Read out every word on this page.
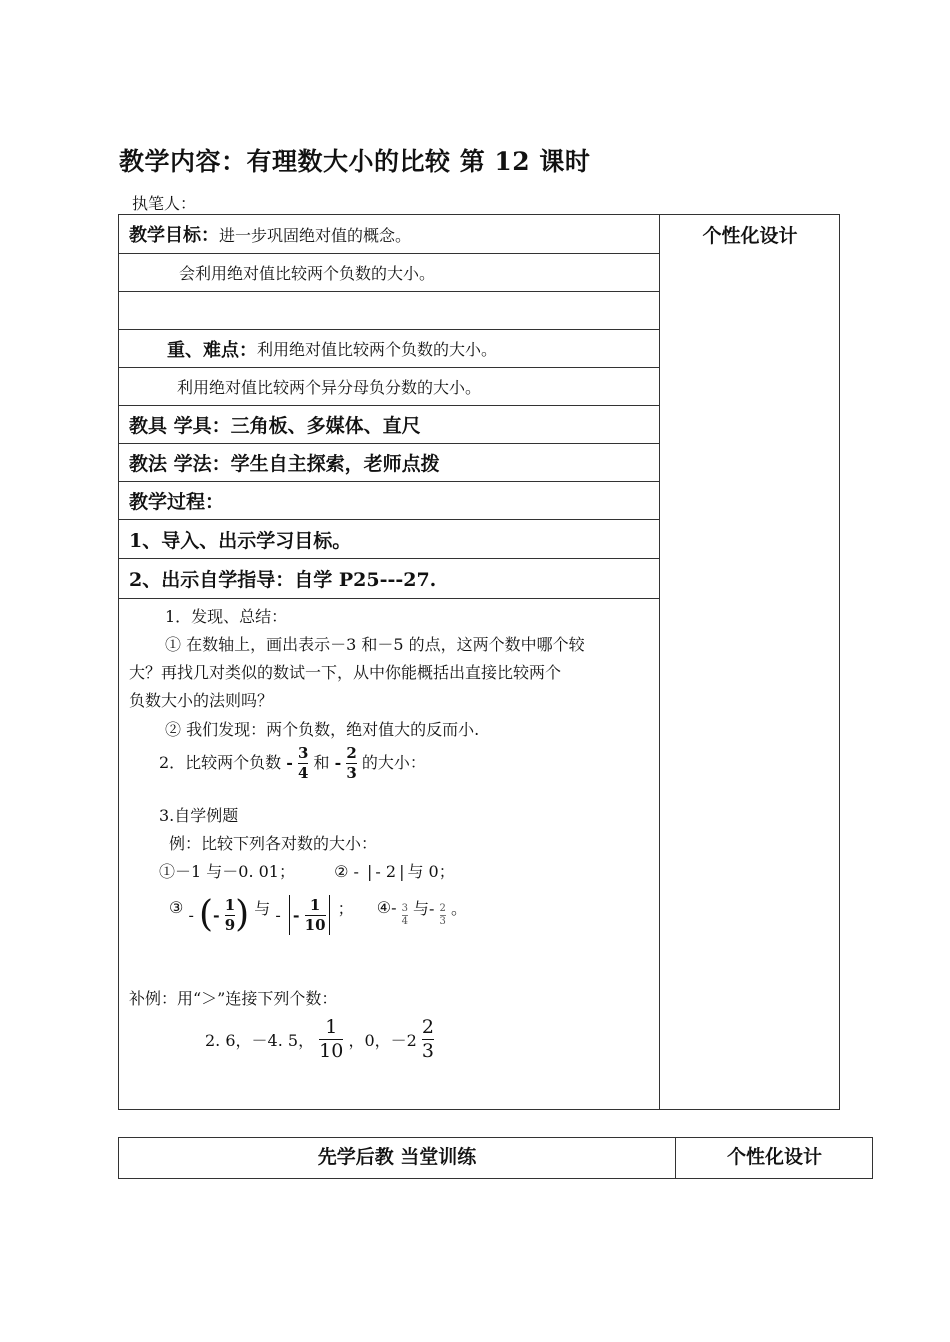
教学内容：有理数大小的比较 第 12 课时
执笔人：
个性化设计
教学目标： 进一步巩固绝对值的概念。
会利用绝对值比较两个负数的大小。
重、难点： 利用绝对值比较两个负数的大小。
利用绝对值比较两个异分母负分数的大小。
教具 学具：三角板、多媒体、直尺
教法 学法：学生自主探索，老师点拨
教学过程：
1、导入、出示学习目标。
2、出示自学指导：自学 P25---27.
1．发现、总结：
① 在数轴上，画出表示－3 和－5 的点，这两个数中哪个较
大？再找几对类似的数试一下，从中你能概括出直接比较两个
负数大小的法则吗？
② 我们发现：两个负数，绝对值大的反而小.
2．比较两个负数 - $\frac{3}{4}$ 和 - $\frac{2}{3}$ 的大小：
3.自学例题
例：比较下列各对数的大小：
①－1 与－0. 01； ② - | - 2 | 与 0；
③ - (- $\frac{1}{9}$ ) 与 - - $\frac{1}{10}$ ； ④- $\frac{3}{4}$ 与- $\frac{2}{3}$ 。
补例：用“＞”连接下列个数：
2. 6，－4. 5， $\frac{1}{10}$ ，0，$-2 \frac{2}{3}$
先学后教 当堂训练	个性化设计
